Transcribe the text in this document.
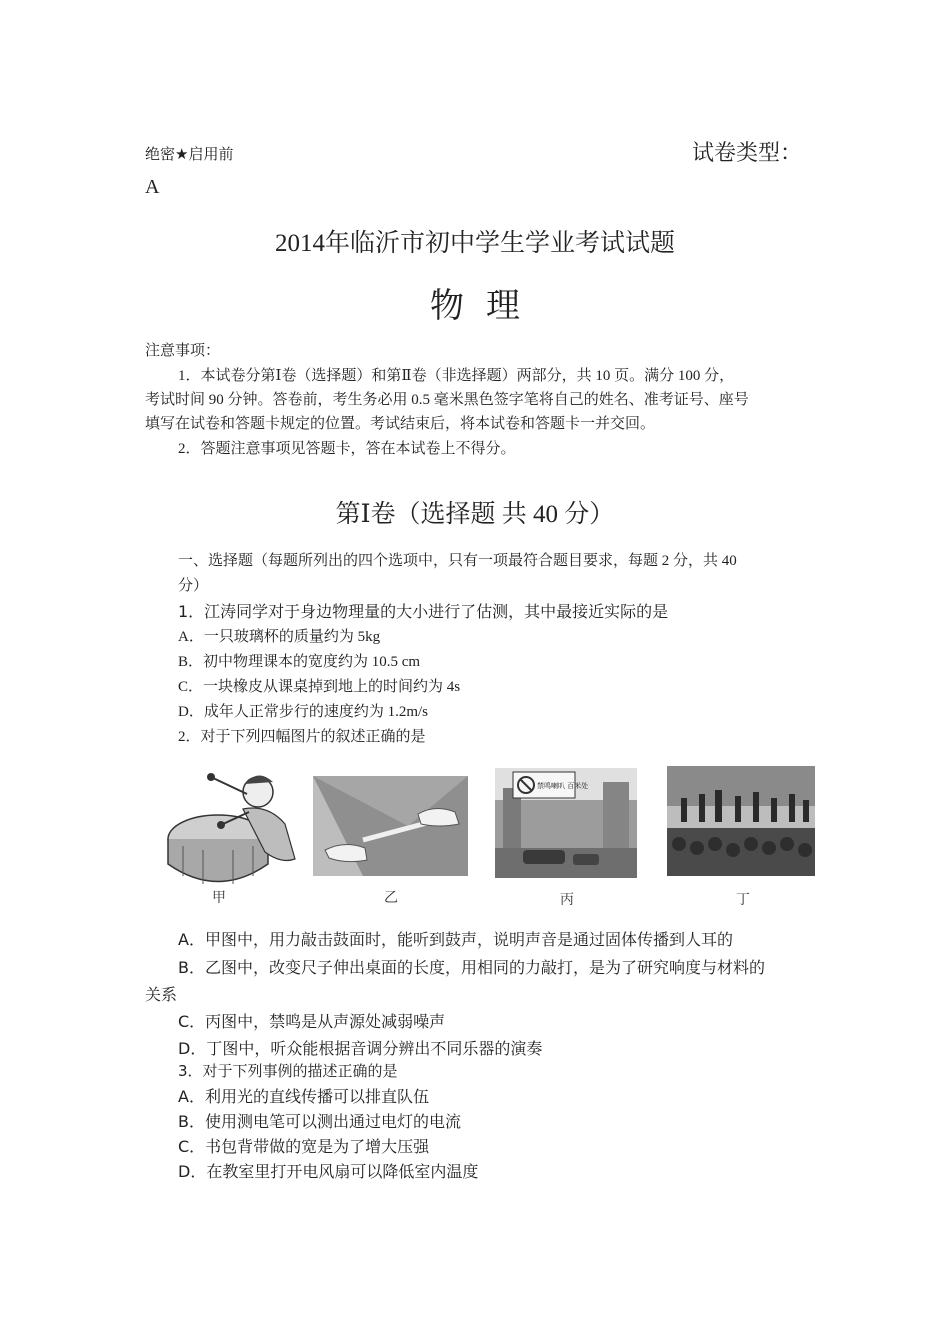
绝密★启用前	试卷类型：
A
2014年临沂市初中学生学业考试试题
物理
注意事项：
1．本试卷分第Ⅰ卷（选择题）和第Ⅱ卷（非选择题）两部分，共 10 页。满分 100 分，
考试时间 90 分钟。答卷前，考生务必用 0.5 毫米黑色签字笔将自己的姓名、准考证号、座号
填写在试卷和答题卡规定的位置。考试结束后，将本试卷和答题卡一并交回。
2．答题注意事项见答题卡，答在本试卷上不得分。
第Ⅰ卷（选择题 共 40 分）
一、选择题（每题所列出的四个选项中，只有一项最符合题目要求，每题 2 分，共 40
分）
1．江涛同学对于身边物理量的大小进行了估测，其中最接近实际的是
A．一只玻璃杯的质量约为 5kg
B．初中物理课本的宽度约为 10.5 cm
C．一块橡皮从课桌掉到地上的时间约为 4s
D．成年人正常步行的速度约为 1.2m/s
2．对于下列四幅图片的叙述正确的是
禁鸣喇叭 百米处
甲	乙	丙	丁
A．甲图中，用力敲击鼓面时，能听到鼓声，说明声音是通过固体传播到人耳的
B．乙图中，改变尺子伸出桌面的长度，用相同的力敲打，是为了研究响度与材料的
关系
C．丙图中，禁鸣是从声源处减弱噪声
D．丁图中，听众能根据音调分辨出不同乐器的演奏
3．对于下列事例的描述正确的是
A．利用光的直线传播可以排直队伍
B．使用测电笔可以测出通过电灯的电流
C．书包背带做的宽是为了增大压强
D．在教室里打开电风扇可以降低室内温度
